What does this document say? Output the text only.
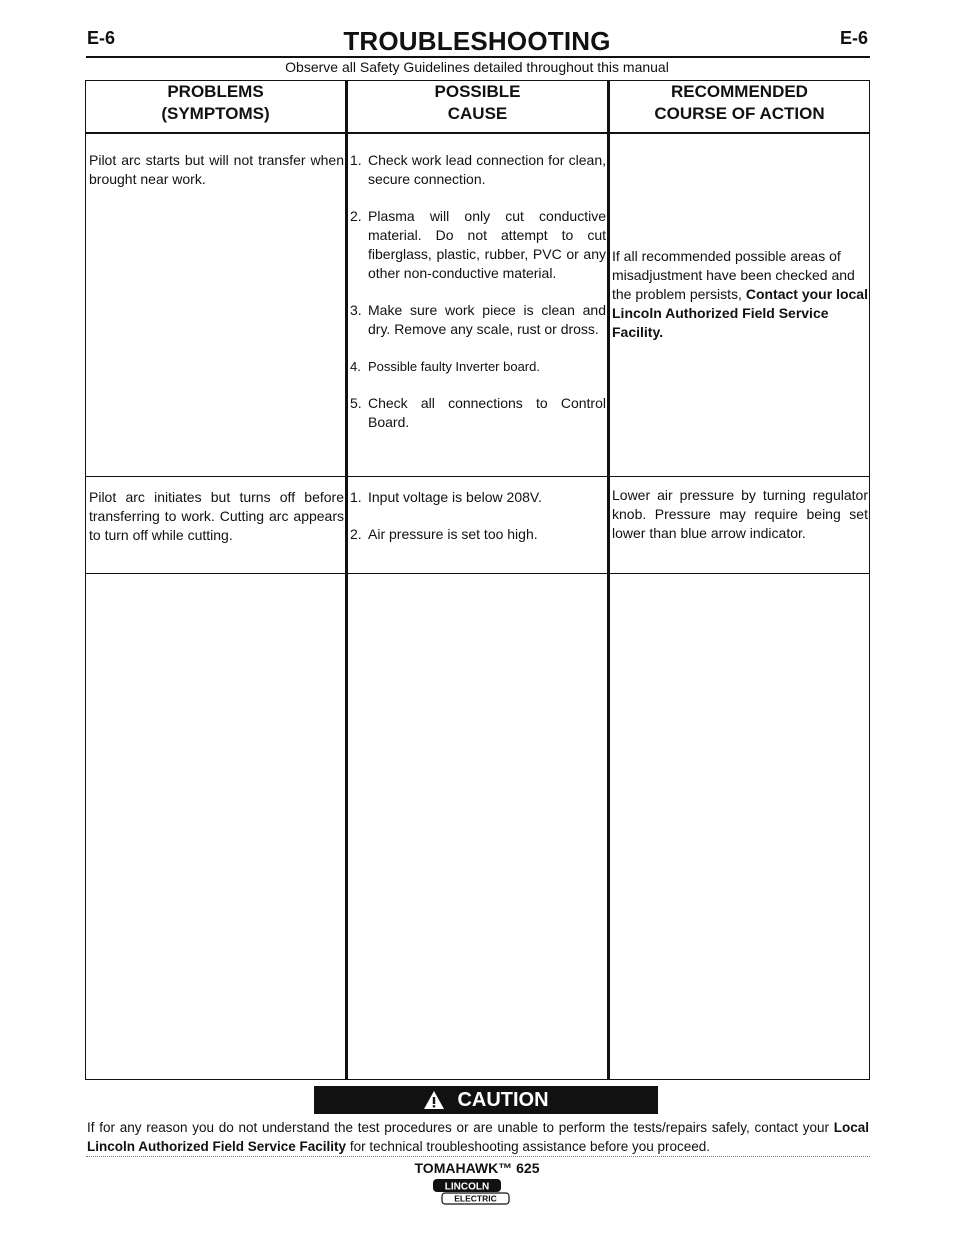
E-6	E-6
TROUBLESHOOTING
Observe all Safety Guidelines detailed throughout this manual
PROBLEMS
(SYMPTOMS)
POSSIBLE
CAUSE
RECOMMENDED
COURSE OF ACTION
Pilot arc starts but will not transfer when brought near work.
1. Check work lead connection for clean, secure connection.
2. Plasma will only cut conductive material. Do not attempt to cut fiberglass, plastic, rubber, PVC or any other non-conductive material.
3. Make sure work piece is clean and dry. Remove any scale, rust or dross.
4. Possible faulty Inverter board.
5. Check all connections to Control Board.
If all recommended possible areas of misadjustment have been checked and the problem persists, Contact your local Lincoln Authorized Field Service Facility.
Pilot arc initiates but turns off before transferring to work. Cutting arc appears to turn off while cutting.
1. Input voltage is below 208V.
2. Air pressure is set too high.
Lower air pressure by turning regulator knob. Pressure may require being set lower than blue arrow indicator.
CAUTION
If for any reason you do not understand the test procedures or are unable to perform the tests/repairs safely, contact your Local Lincoln Authorized Field Service Facility for technical troubleshooting assistance before you proceed.
TOMAHAWK™ 625
LINCOLN
ELECTRIC
